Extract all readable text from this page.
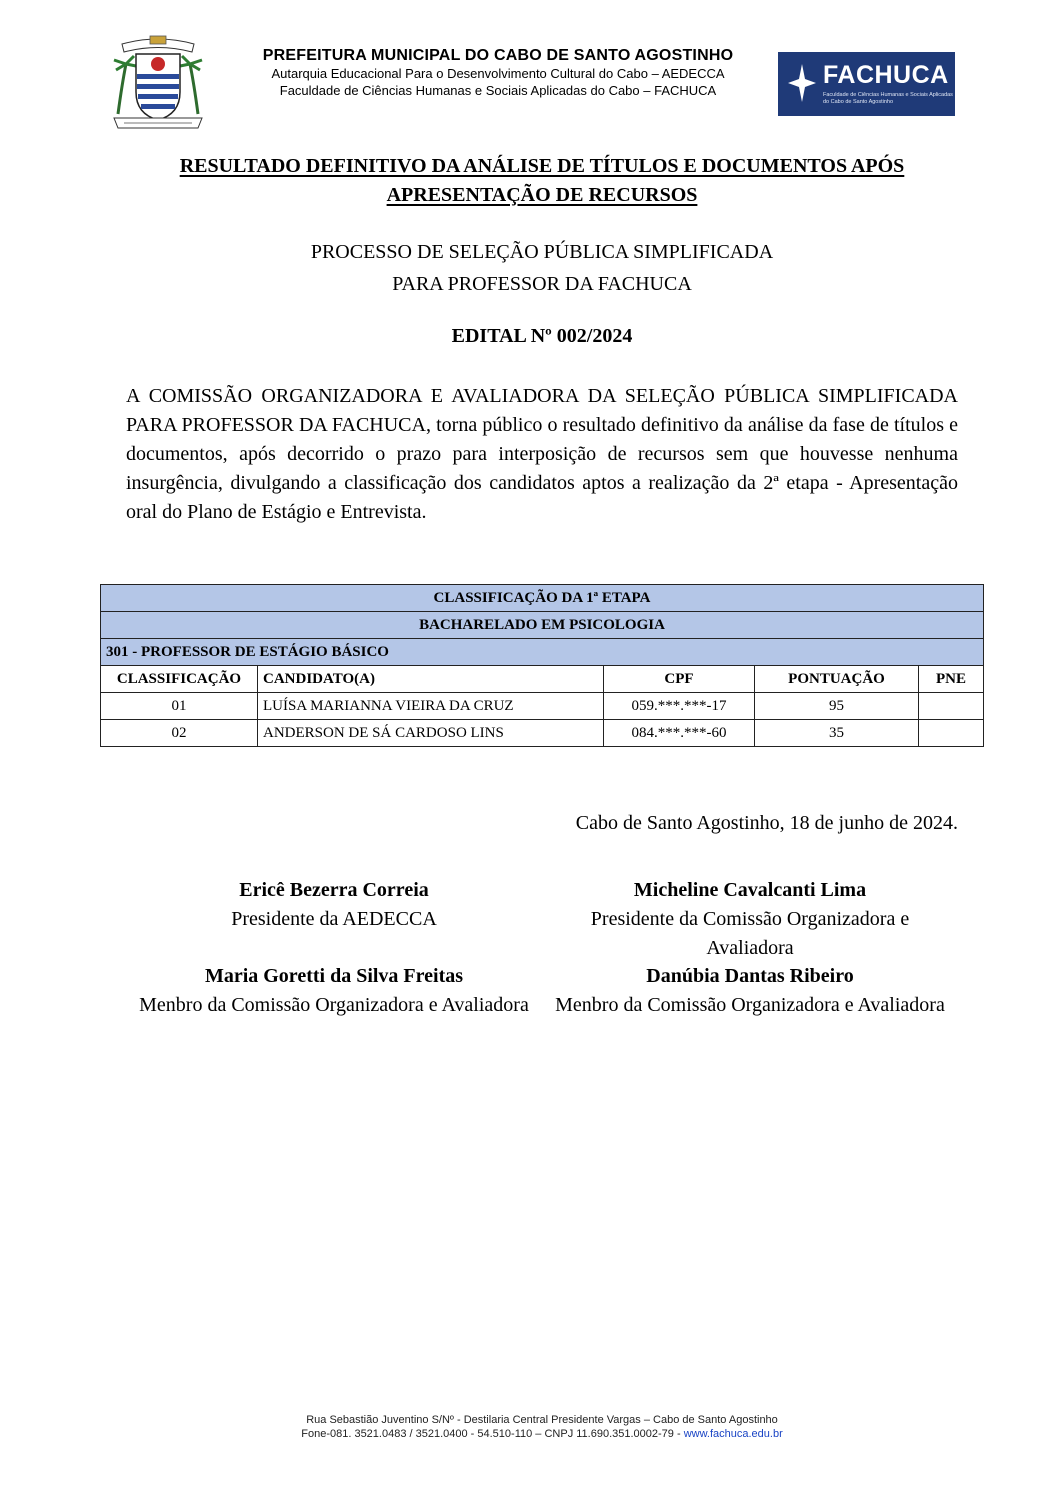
PREFEITURA MUNICIPAL DO CABO DE SANTO AGOSTINHO
Autarquia Educacional Para o Desenvolvimento Cultural do Cabo – AEDECCA
Faculdade de Ciências Humanas e Sociais Aplicadas do Cabo – FACHUCA
FACHUCA
Faculdade de Ciências Humanas e Sociais Aplicadas do Cabo de Santo Agostinho
RESULTADO DEFINITIVO DA ANÁLISE DE TÍTULOS E DOCUMENTOS APÓS
APRESENTAÇÃO DE RECURSOS
PROCESSO DE SELEÇÃO PÚBLICA SIMPLIFICADA
PARA PROFESSOR DA FACHUCA
EDITAL Nº 002/2024
A COMISSÃO ORGANIZADORA E AVALIADORA DA SELEÇÃO PÚBLICA SIMPLIFICADA PARA PROFESSOR DA FACHUCA, torna público o resultado definitivo da análise da fase de títulos e documentos, após decorrido o prazo para interposição de recursos sem que houvesse nenhuma insurgência, divulgando a classificação dos candidatos aptos a realização da 2ª etapa - Apresentação oral do Plano de Estágio e Entrevista.
CLASSIFICAÇÃO DA 1ª ETAPA				
BACHARELADO EM PSICOLOGIA				
301 - PROFESSOR DE ESTÁGIO BÁSICO				
CLASSIFICAÇÃO	CANDIDATO(A)	CPF	PONTUAÇÃO	PNE
01	LUÍSA MARIANNA VIEIRA DA CRUZ	059.***.***-17	95	
02	ANDERSON DE SÁ CARDOSO LINS	084.***.***-60	35	
Cabo de Santo Agostinho, 18 de junho de 2024.
Ericê Bezerra Correia
Presidente da AEDECCA
Micheline Cavalcanti Lima
Presidente da Comissão Organizadora e Avaliadora
Maria Goretti da Silva Freitas
Menbro da Comissão Organizadora e Avaliadora
Danúbia Dantas Ribeiro
Menbro da Comissão Organizadora e Avaliadora
Rua Sebastião Juventino S/Nº - Destilaria Central Presidente Vargas – Cabo de Santo Agostinho
Fone-081. 3521.0483 / 3521.0400 - 54.510-110 – CNPJ 11.690.351.0002-79 - www.fachuca.edu.br
